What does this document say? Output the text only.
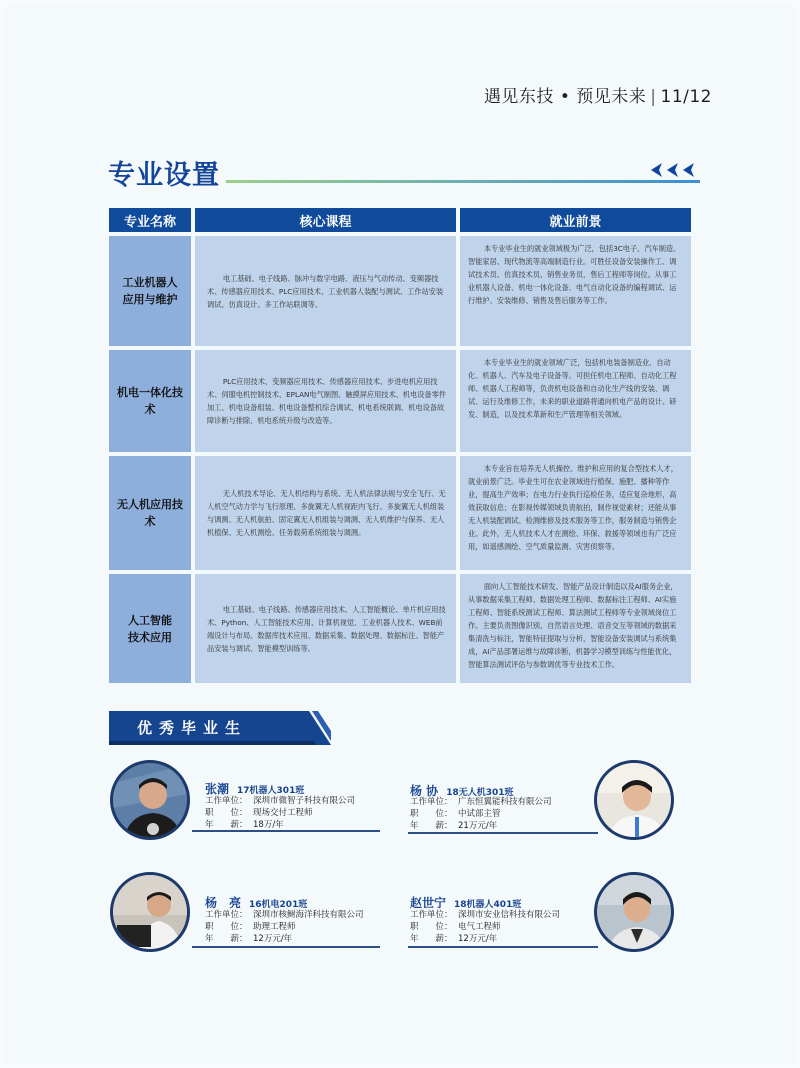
遇见东技 • 预见未来 | 11/12
专业设置
专业名称	核心课程	就业前景
工业机器人
应用与维护

电工基础、电子线路、脉冲与数字电路、液压与气动传动、变频器技术、传感器应用技术、PLC应用技术、工业机器人装配与测试、工作站安装调试、仿真设计、多工作站联调等。

本专业毕业生的就业领域极为广泛，包括3C电子、汽车制造、智能家居、现代物流等高端制造行业。可胜任设备安装操作工、调试技术员、仿真技术员、销售业务员、售后工程师等岗位。从事工业机器人设备、机电一体化设备、电气自动化设备的编程调试、运行维护、安装维修、销售及售后服务等工作。

机电一体化技术

PLC应用技术、变频器应用技术、传感器应用技术、步进电机应用技术、伺服电机控制技术、EPLAN电气制图、触摸屏应用技术、机电设备零件加工、机电设备组装、机电设备整机综合调试、机电系统联调、机电设备故障诊断与排除、机电系统升级与改造等。

本专业毕业生的就业领域广泛，包括机电装备制造业、自动化、机器人、汽车及电子设备等。可担任机电工程师、自动化工程师、机器人工程师等，负责机电设备和自动化生产线的安装、调试、运行及维修工作，未来的职业道路将通向机电产品的设计、研发、制造，以及技术革新和生产管理等相关领域。

无人机应用技术

无人机技术导论、无人机结构与系统、无人机法律法规与安全飞行、无人机空气动力学与飞行原理、多旋翼无人机视距内飞行、多旋翼无人机组装与调测、无人机航拍、固定翼无人机组装与调测、无人机维护与保养、无人机植保、无人机测绘、任务载荷系统组装与调测。

本专业旨在培养无人机操控、维护和应用的复合型技术人才，就业前景广泛。毕业生可在农业领域进行植保、施肥、播种等作业，提高生产效率；在电力行业执行巡检任务，适应复杂地形，高效获取信息；在影视传媒领域负责航拍，制作视觉素材；还能从事无人机装配调试、检测维修及技术服务等工作，服务制造与销售企业。此外，无人机技术人才在测绘、环保、救援等领域也有广泛应用，如遥感测绘、空气质量监测、灾害侦察等。

人工智能
技术应用

电工基础、电子线路、传感器应用技术、人工智能概论、单片机应用技术、Python、人工智能技术应用、计算机视觉、工业机器人技术、WEB前端设计与布局、数据库技术应用、数据采集、数据处理、数据标注、智能产品安装与调试、智能模型训练等。

面向人工智能技术研发、智能产品设计制造以及AI服务企业，从事数据采集工程师、数据处理工程师、数据标注工程师、AI实施工程师、智能系统测试工程师、算法测试工程师等专业领域岗位工作。主要负责图像识别、自然语言处理、语音交互等领域的数据采集清洗与标注，智能特征提取与分析，智能设备安装调试与系统集成，AI产品部署运维与故障诊断，机器学习模型训练与性能优化，智能算法测试评估与参数调优等专业技术工作。

优秀毕业生
张潮 17机器人301班
工作单位： 深圳市微智子科技有限公司
职　　位： 现场交付工程师
年　　薪： 18万/年
杨 协 18无人机301班
工作单位： 广东恒翼能科技有限公司
职　　位： 中试部主管
年　　薪： 21万元/年
杨　亮 16机电201班
工作单位： 深圳市核鲥海洋科技有限公司
职　　位： 助理工程师
年　　薪： 12万元/年
赵世宁 18机器人401班
工作单位： 深圳市安业信科技有限公司
职　　位： 电气工程师
年　　薪： 12万元/年
